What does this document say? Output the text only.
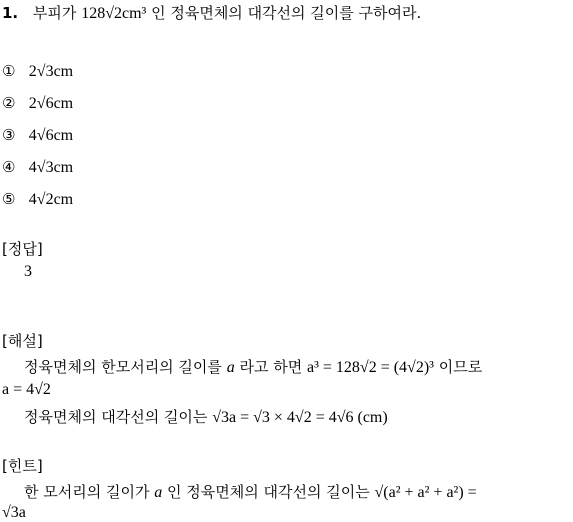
1. 부피가 128√2cm³ 인 정육면체의 대각선의 길이를 구하여라.
① 2√3cm
② 2√6cm
③ 4√6cm
④ 4√3cm
⑤ 4√2cm
[정답]
3
[해설]
정육면체의 한모서리의 길이를 a 라고 하면 a³ = 128√2 = (4√2)³ 이므로
a = 4√2
정육면체의 대각선의 길이는 √3a = √3 × 4√2 = 4√6 (cm)
[힌트]
한 모서리의 길이가 a 인 정육면체의 대각선의 길이는 √(a² + a² + a²) =
√3a
